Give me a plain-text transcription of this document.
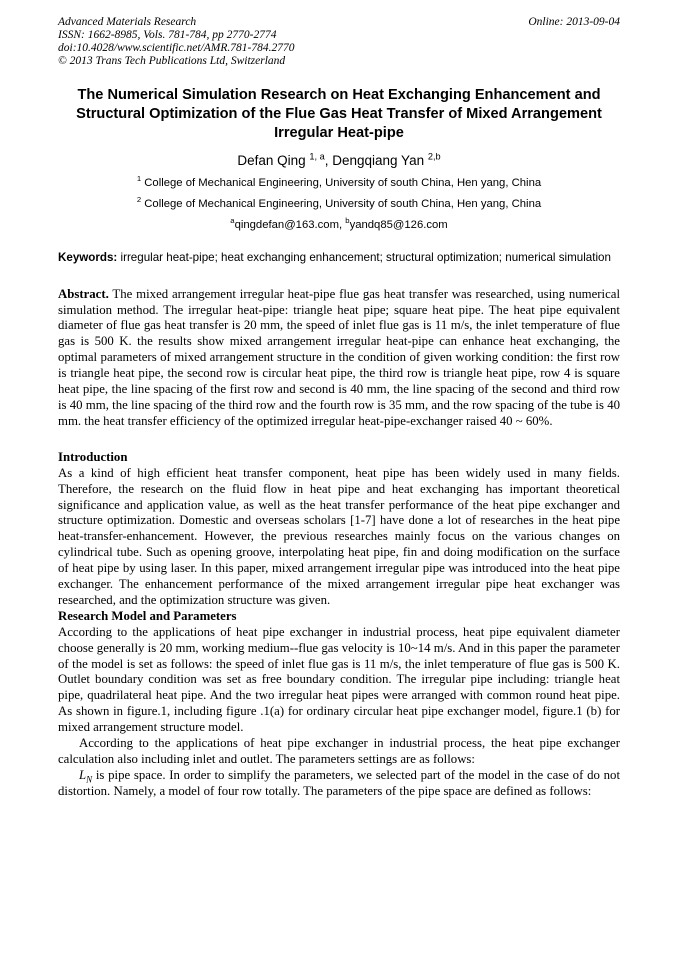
Advanced Materials Research
ISSN: 1662-8985, Vols. 781-784, pp 2770-2774
doi:10.4028/www.scientific.net/AMR.781-784.2770
© 2013 Trans Tech Publications Ltd, Switzerland
Online: 2013-09-04
The Numerical Simulation Research on Heat Exchanging Enhancement and Structural Optimization of the Flue Gas Heat Transfer of Mixed Arrangement Irregular Heat-pipe
Defan Qing $^{1, a}$, Dengqiang Yan $^{2,b}$
$^1$ College of Mechanical Engineering, University of south China, Hen yang, China
$^2$ College of Mechanical Engineering, University of south China, Hen yang, China
$^a$qingdefan@163.com, $^b$yandq85@126.com

Keywords: irregular heat-pipe; heat exchanging enhancement; structural optimization; numerical simulation

Abstract. The mixed arrangement irregular heat-pipe flue gas heat transfer was researched, using numerical simulation method. The irregular heat-pipe: triangle heat pipe; square heat pipe. The heat pipe equivalent diameter of flue gas heat transfer is 20 mm, the speed of inlet flue gas is 11 m/s, the inlet temperature of flue gas is 500 K. the results show mixed arrangement irregular heat-pipe can enhance heat exchanging, the optimal parameters of mixed arrangement structure in the condition of given working condition: the first row is triangle heat pipe, the second row is circular heat pipe, the third row is triangle heat pipe, row 4 is square heat pipe, the line spacing of the first row and second is 40 mm, the line spacing of the second and third row is 40 mm, the line spacing of the third row and the fourth row is 35 mm, and the row spacing of the tube is 40 mm. the heat transfer efficiency of the optimized irregular heat-pipe-exchanger raised 40 ~ 60%.

Introduction

As a kind of high efficient heat transfer component, heat pipe has been widely used in many fields. Therefore, the research on the fluid flow in heat pipe and heat exchanging has important theoretical significance and application value, as well as the heat transfer performance of the heat pipe exchanger and structure optimization. Domestic and overseas scholars [1-7] have done a lot of researches in the heat pipe heat-transfer-enhancement. However, the previous researches mainly focus on the various changes on cylindrical tube. Such as opening groove, interpolating heat pipe, fin and doing modification on the surface of heat pipe by using laser. In this paper, mixed arrangement irregular pipe was introduced into the heat pipe exchanger. The enhancement performance of the mixed arrangement irregular pipe heat exchanger was researched, and the optimization structure was given.

Research Model and Parameters

According to the applications of heat pipe exchanger in industrial process, heat pipe equivalent diameter choose generally is 20 mm, working medium--flue gas velocity is 10~14 m/s. And in this paper the parameter of the model is set as follows: the speed of inlet flue gas is 11 m/s, the inlet temperature of flue gas is 500 K. Outlet boundary condition was set as free boundary condition. The irregular pipe including: triangle heat pipe, quadrilateral heat pipe. And the two irregular heat pipes were arranged with common round heat pipe. As shown in figure.1, including figure .1(a) for ordinary circular heat pipe exchanger model, figure.1 (b) for mixed arrangement structure model.

According to the applications of heat pipe exchanger in industrial process, the heat pipe exchanger calculation also including inlet and outlet. The parameters settings are as follows:

$L_N$ is pipe space. In order to simplify the parameters, we selected part of the model in the case of do not distortion. Namely, a model of four row totally. The parameters of the pipe space are defined as follows:
